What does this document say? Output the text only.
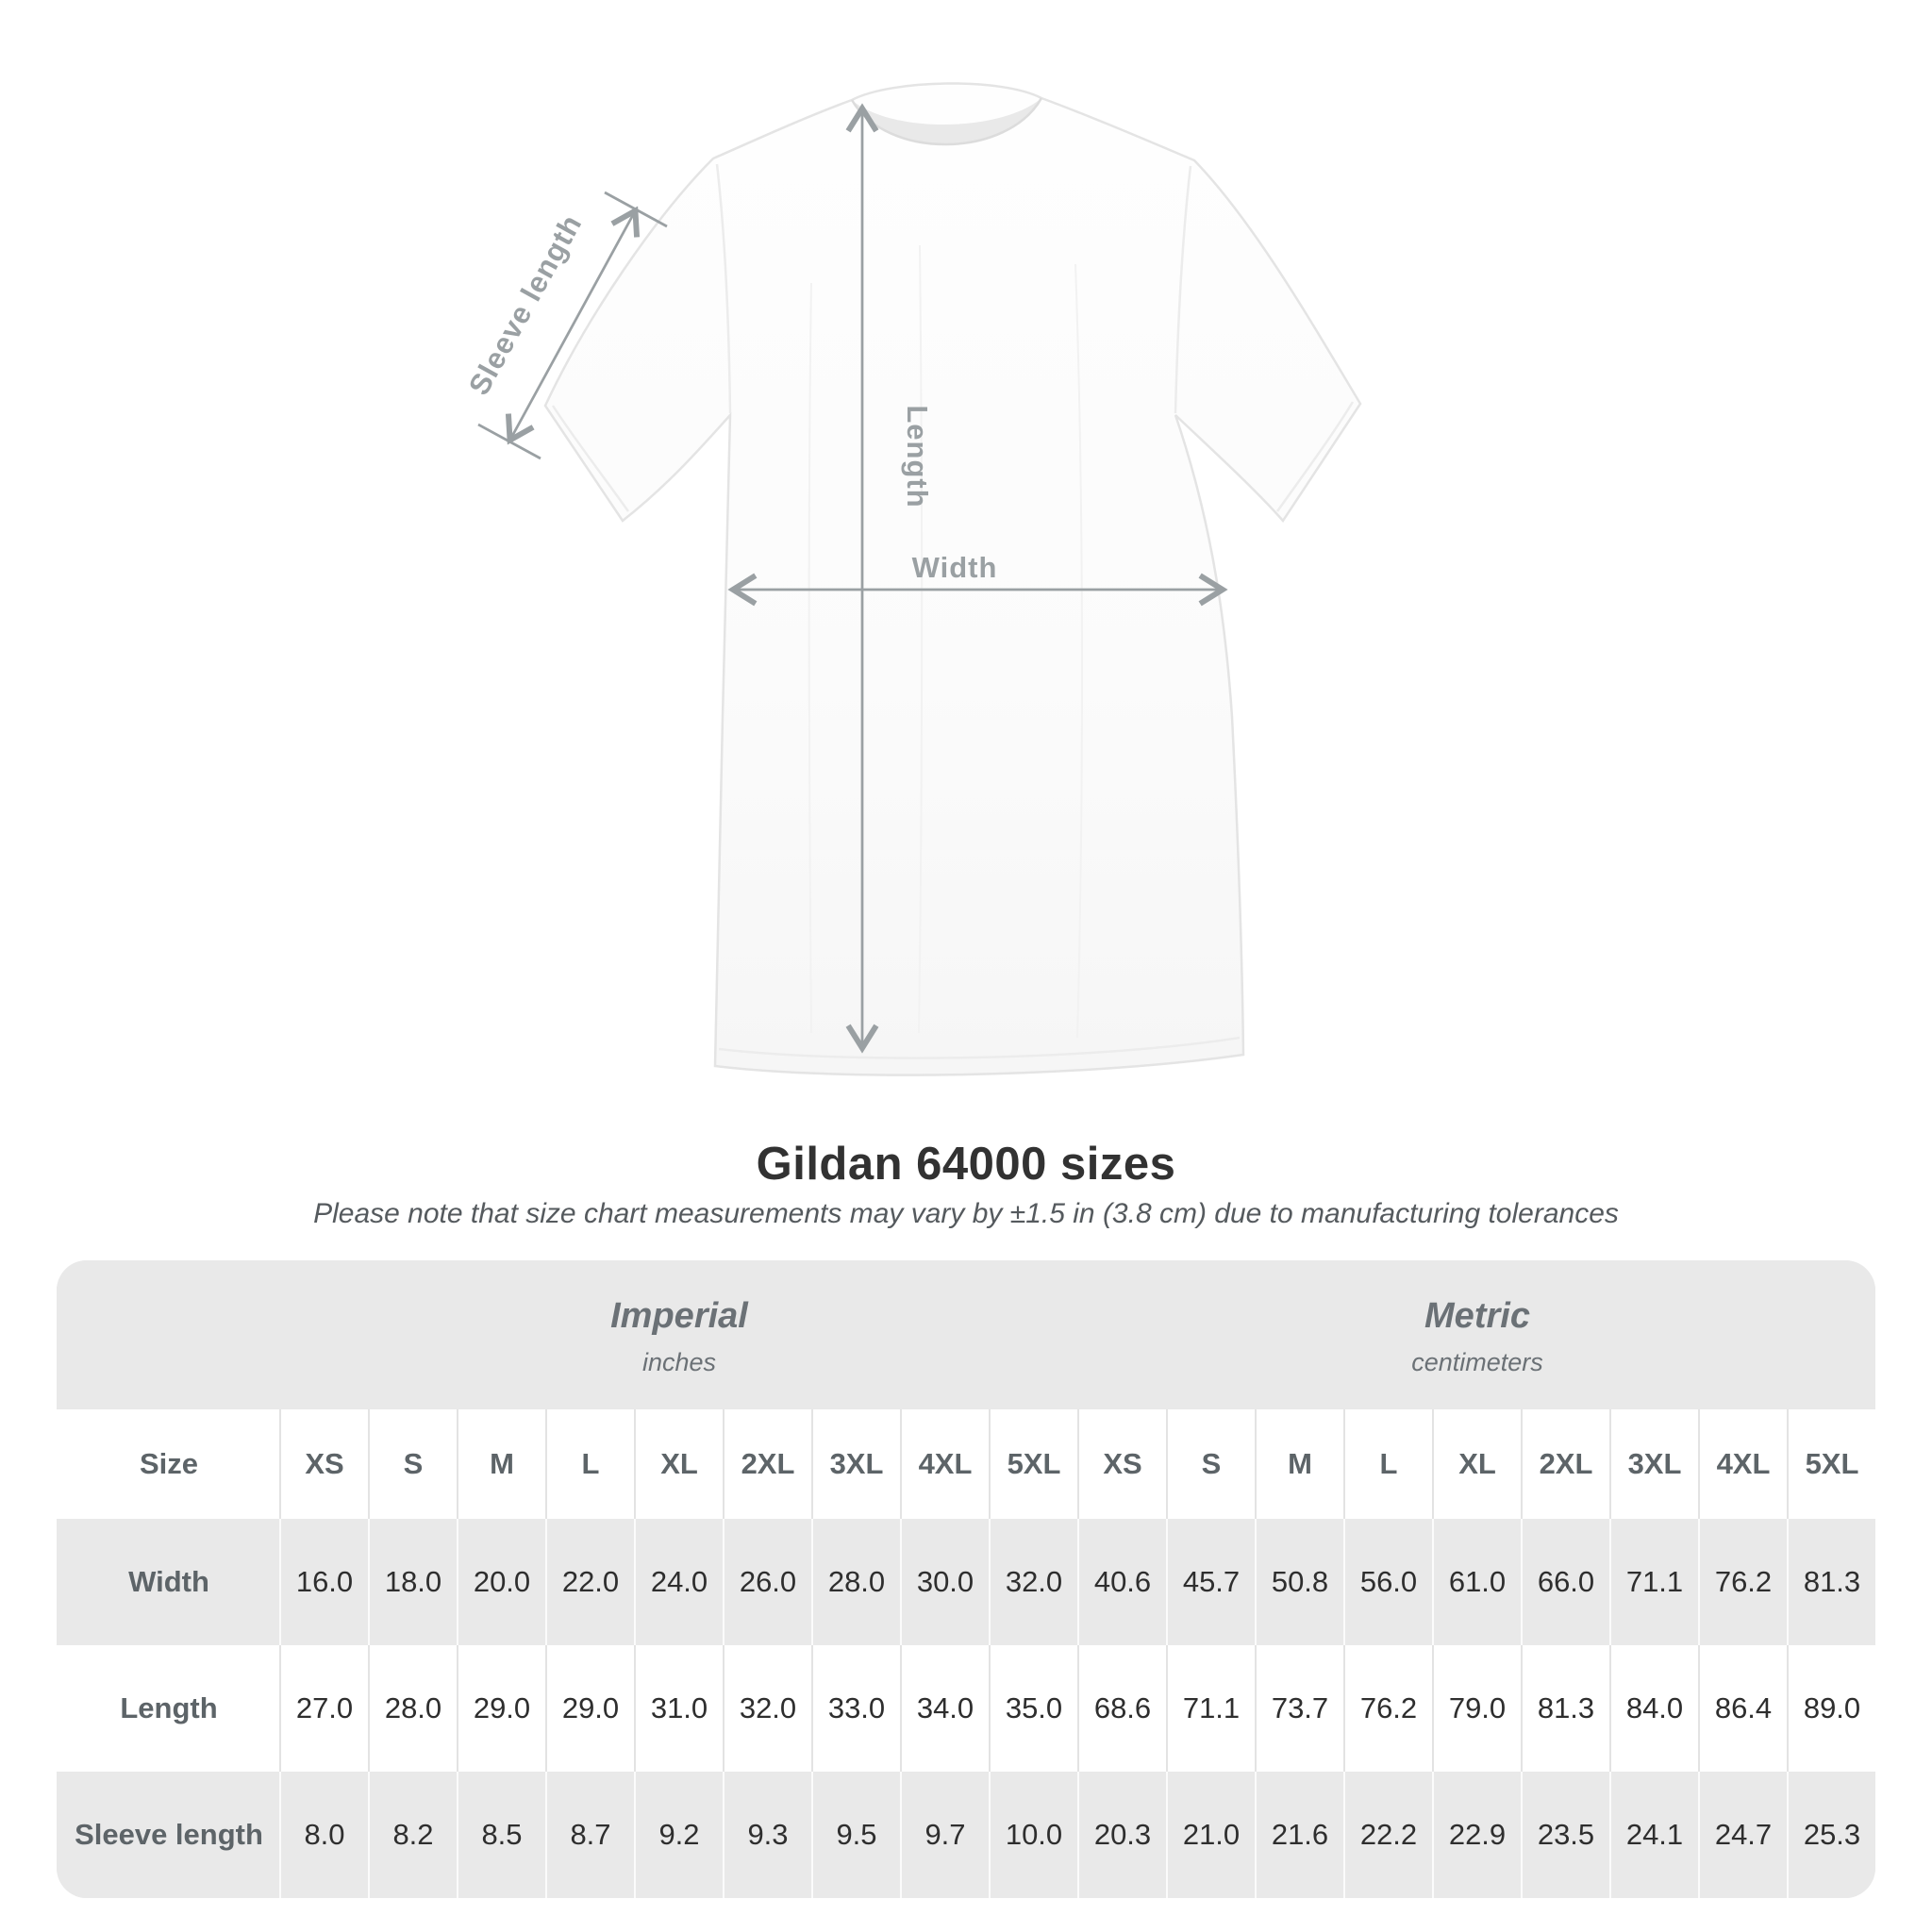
Width
Length
Sleeve length
Gildan 64000 sizes
Please note that size chart measurements may vary by ±1.5 in (3.8 cm) due to manufacturing tolerances
Imperial
inches
Metric
centimeters
Size	XS	S	M	L	XL	2XL	3XL	4XL	5XL	XS	S	M	L	XL	2XL	3XL	4XL	5XL
Width	16.0	18.0	20.0	22.0	24.0	26.0	28.0	30.0	32.0	40.6	45.7	50.8	56.0	61.0	66.0	71.1	76.2	81.3
Length	27.0	28.0	29.0	29.0	31.0	32.0	33.0	34.0	35.0	68.6	71.1	73.7	76.2	79.0	81.3	84.0	86.4	89.0
Sleeve length	8.0	8.2	8.5	8.7	9.2	9.3	9.5	9.7	10.0	20.3	21.0	21.6	22.2	22.9	23.5	24.1	24.7	25.3
